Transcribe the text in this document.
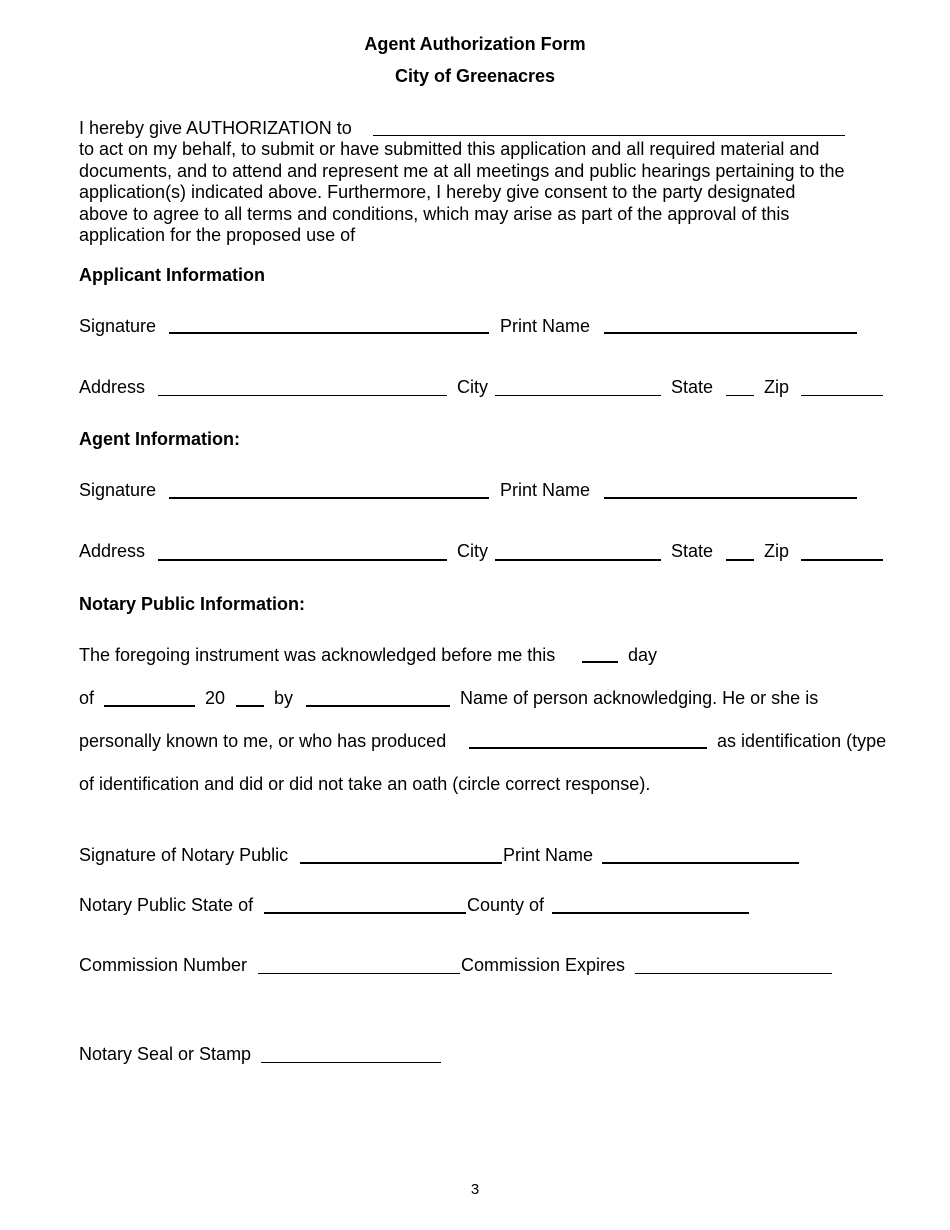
Agent Authorization Form
City of Greenacres
I hereby give AUTHORIZATION to
to act on my behalf, to submit or have submitted this application and all required material and
documents, and to attend and represent me at all meetings and public hearings pertaining to the
application(s) indicated above. Furthermore, I hereby give consent to the party designated
above to agree to all terms and conditions, which may arise as part of the approval of this
application for the proposed use of
Applicant Information
Signature	Print Name
Address	City	State	Zip
Agent Information:
Signature	Print Name
Address	City	State	Zip
Notary Public Information:
The foregoing instrument was acknowledged before me this	day
of	20	by	Name of person acknowledging. He or she is
personally known to me, or who has produced	as identification (type
of identification and did or did not take an oath (circle correct response).
Signature of Notary Public	Print Name
Notary Public State of	County of
Commission Number	Commission Expires
Notary Seal or Stamp
3
